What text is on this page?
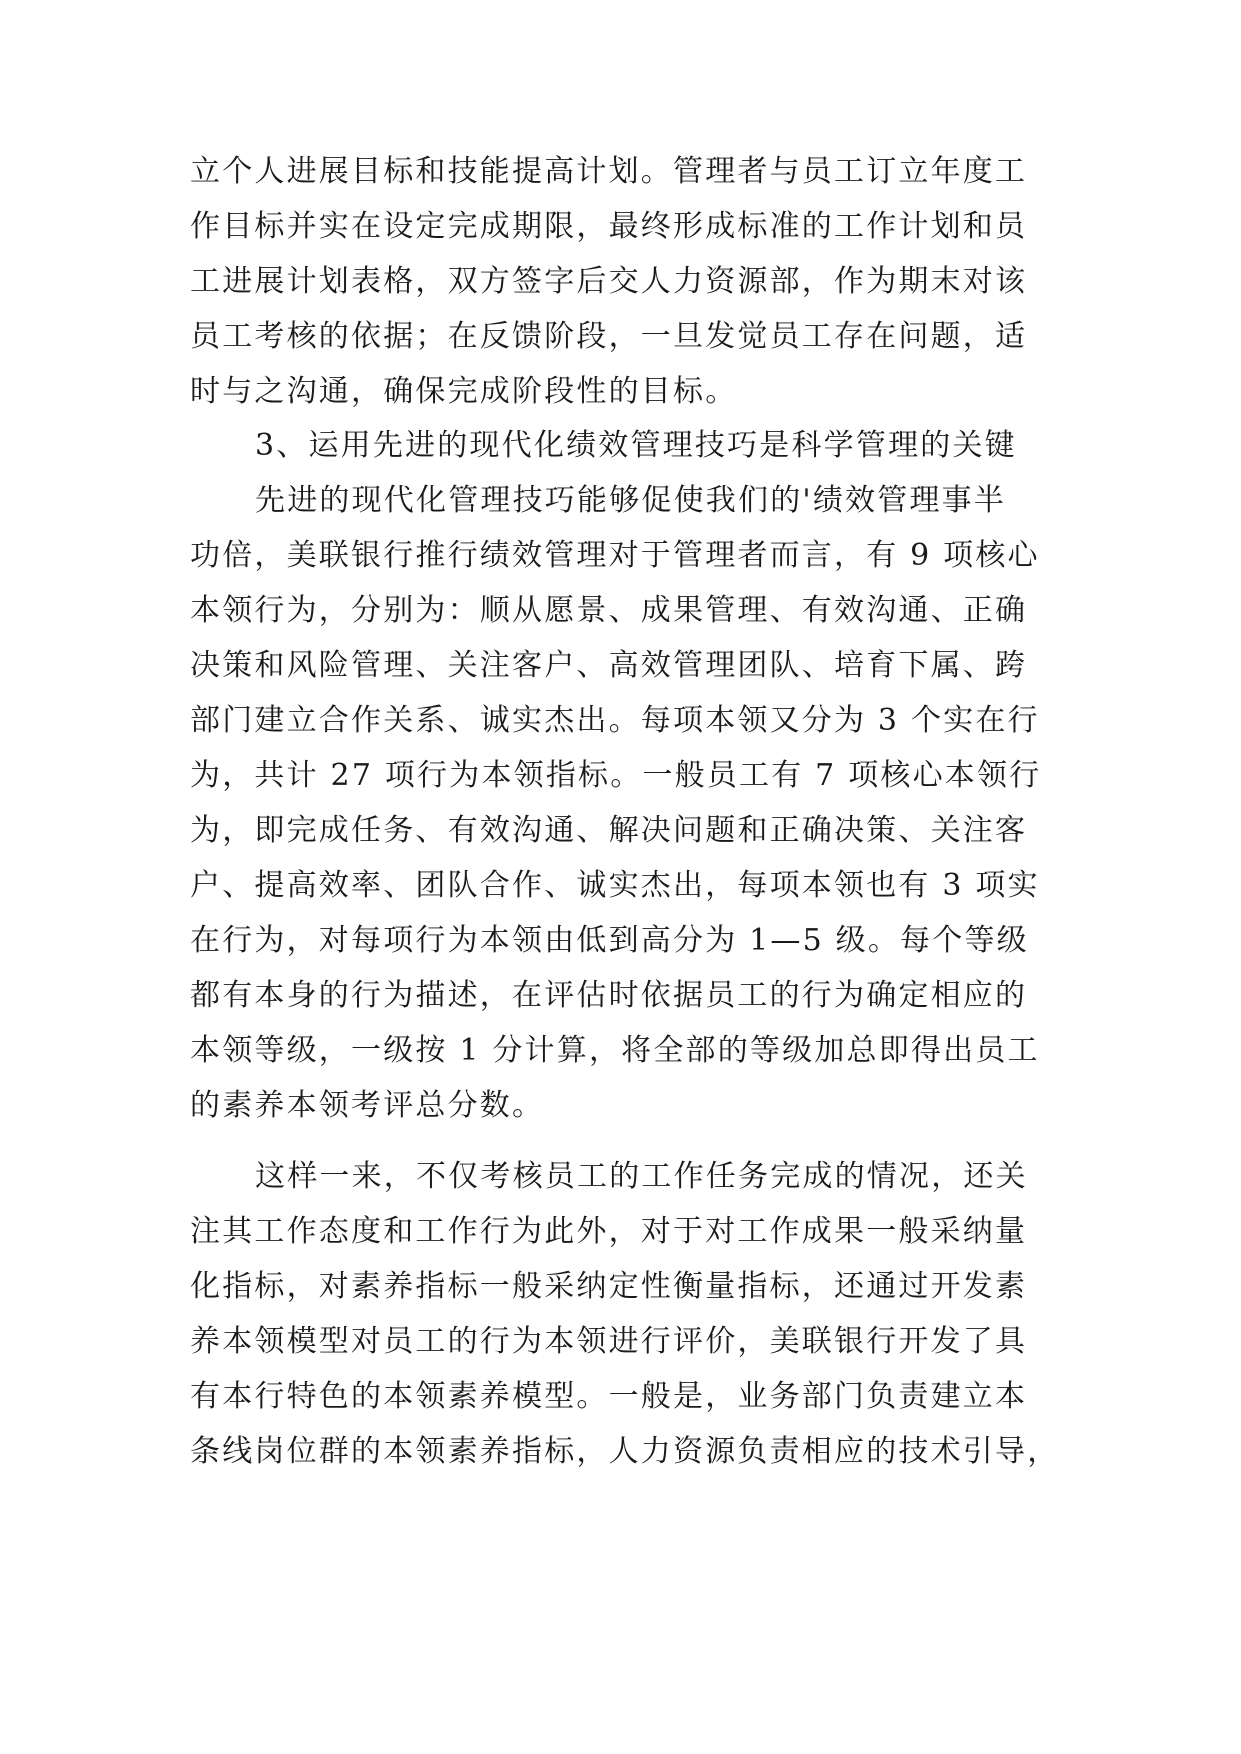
立个人进展目标和技能提高计划。管理者与员工订立年度工
作目标并实在设定完成期限，最终形成标准的工作计划和员
工进展计划表格，双方签字后交人力资源部，作为期末对该
员工考核的依据；在反馈阶段，一旦发觉员工存在问题，适
时与之沟通，确保完成阶段性的目标。
3、运用先进的现代化绩效管理技巧是科学管理的关键
先进的现代化管理技巧能够促使我们的'绩效管理事半
功倍，美联银行推行绩效管理对于管理者而言，有 9 项核心
本领行为，分别为：顺从愿景、成果管理、有效沟通、正确
决策和风险管理、关注客户、高效管理团队、培育下属、跨
部门建立合作关系、诚实杰出。每项本领又分为 3 个实在行
为，共计 27 项行为本领指标。一般员工有 7 项核心本领行
为，即完成任务、有效沟通、解决问题和正确决策、关注客
户、提高效率、团队合作、诚实杰出，每项本领也有 3 项实
在行为，对每项行为本领由低到高分为 1—5 级。每个等级
都有本身的行为描述，在评估时依据员工的行为确定相应的
本领等级，一级按 1 分计算，将全部的等级加总即得出员工
的素养本领考评总分数。
这样一来，不仅考核员工的工作任务完成的情况，还关
注其工作态度和工作行为此外，对于对工作成果一般采纳量
化指标，对素养指标一般采纳定性衡量指标，还通过开发素
养本领模型对员工的行为本领进行评价，美联银行开发了具
有本行特色的本领素养模型。一般是，业务部门负责建立本
条线岗位群的本领素养指标，人力资源负责相应的技术引导，
